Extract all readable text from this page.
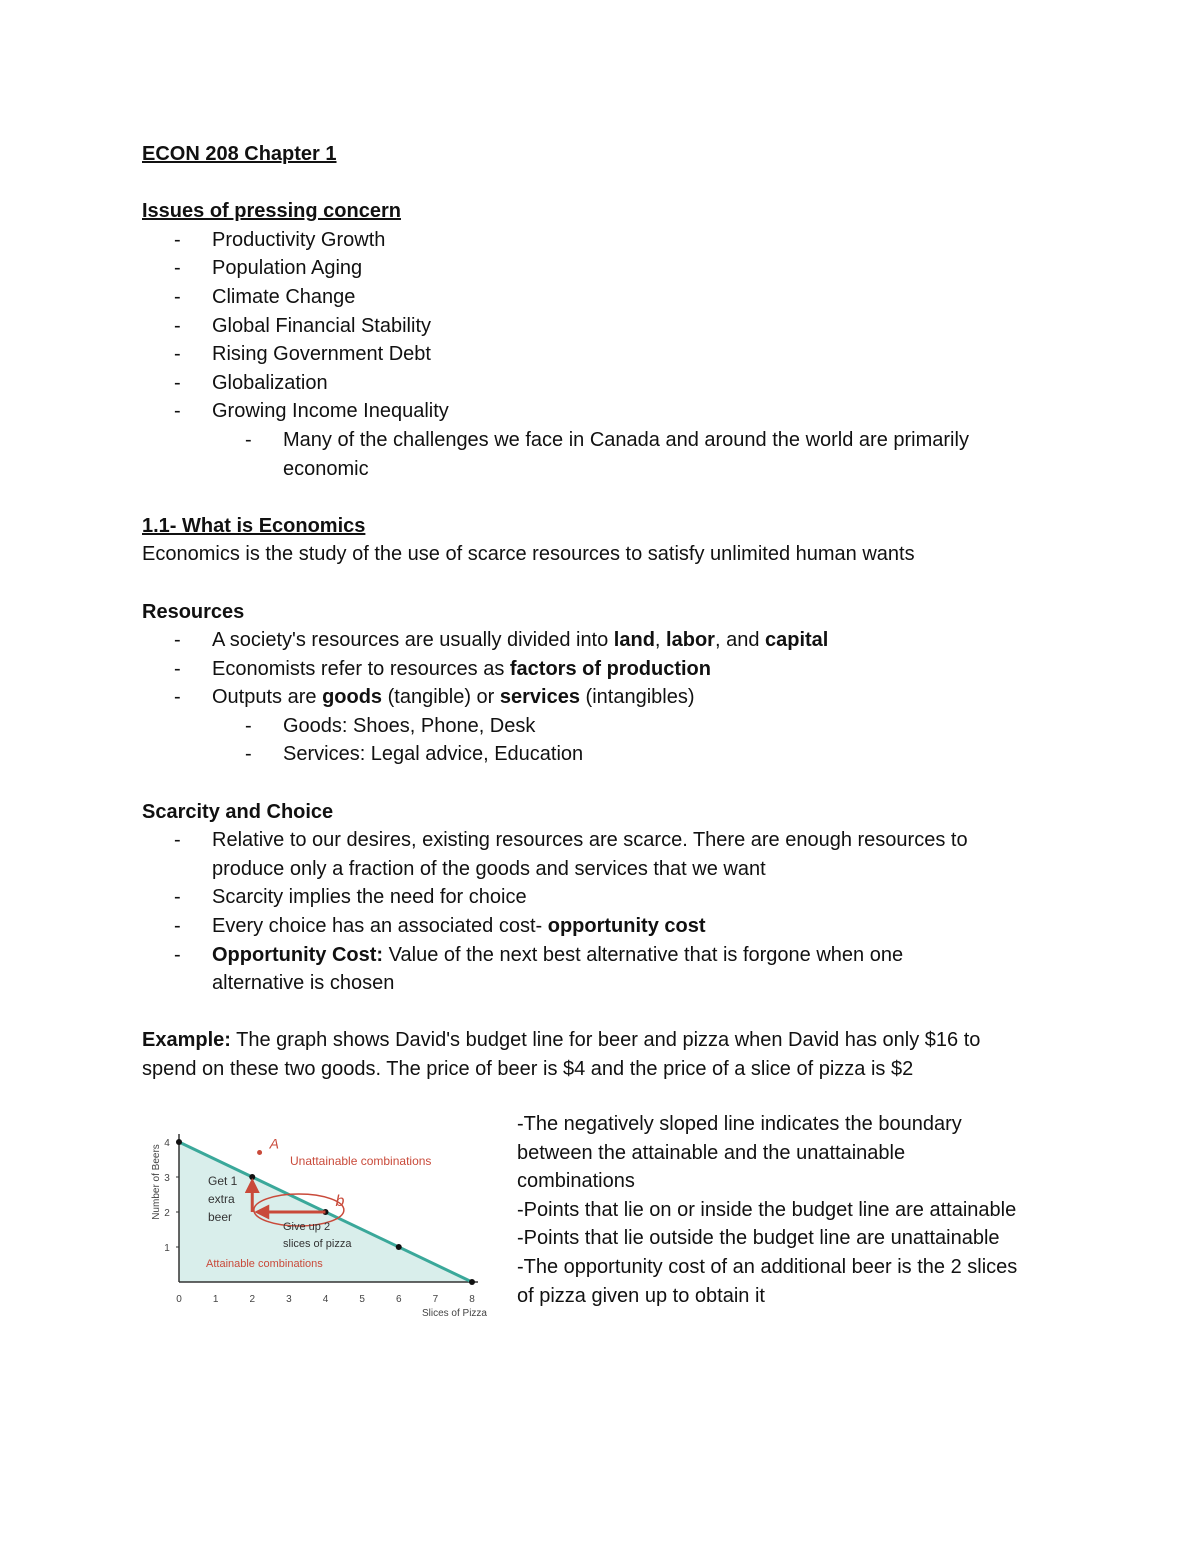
ECON 208 Chapter 1
Issues of pressing concern
- Productivity Growth
- Population Aging
- Climate Change
- Global Financial Stability
- Rising Government Debt
- Globalization
- Growing Income Inequality
- Many of the challenges we face in Canada and around the world are primarily
economic
1.1- What is Economics
Economics is the study of the use of scarce resources to satisfy unlimited human wants
Resources
- A society's resources are usually divided into land, labor, and capital
- Economists refer to resources as factors of production
- Outputs are goods (tangible) or services (intangibles)
- Goods: Shoes, Phone, Desk
- Services: Legal advice, Education
Scarcity and Choice
- Relative to our desires, existing resources are scarce. There are enough resources to
produce only a fraction of the goods and services that we want
- Scarcity implies the need for choice
- Every choice has an associated cost- opportunity cost
- Opportunity Cost: Value of the next best alternative that is forgone when one
alternative is chosen
Example: The graph shows David's budget line for beer and pizza when David has only $16 to
spend on these two goods. The price of beer is $4 and the price of a slice of pizza is $2
0	1	2	3	4	5	6	7	8
1
2
3
4	A
b
Unattainable combinations
Attainable combinations
Get 1
extra
beer
Give up 2
slices of pizza
Slices of Pizza
Number of Beers
-The negatively sloped line indicates the boundary
between the attainable and the unattainable
combinations
-Points that lie on or inside the budget line are attainable
-Points that lie outside the budget line are unattainable
-The opportunity cost of an additional beer is the 2 slices
of pizza given up to obtain it
